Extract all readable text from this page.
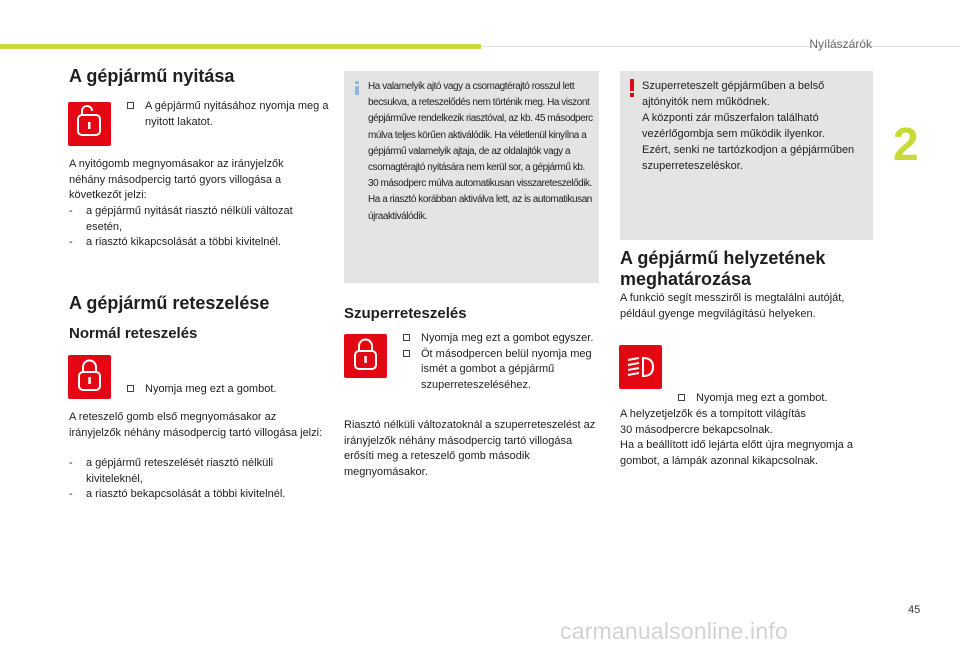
Nyílászárók
2
A gépjármű nyitása
A gépjármű nyitásához nyomja meg a nyitott lakatot.

A nyitógomb megnyomásakor az irányjelzők néhány másodpercig tartó gyors villogása a következőt jelzi:

- a gépjármű nyitását riasztó nélküli változat esetén,
- a riasztó kikapcsolását a többi kivitelnél.
A gépjármű reteszelése
Normál reteszelés
Nyomja meg ezt a gombot.

A reteszelő gomb első megnyomásakor az irányjelzők néhány másodpercig tartó villogása jelzi:

- a gépjármű reteszelését riasztó nélküli kiviteleknél,
- a riasztó bekapcsolását a többi kivitelnél.
Ha valamelyik ajtó vagy a csomagtérajtó rosszul lett becsukva, a reteszelődés nem történik meg. Ha viszont gépjárműve rendelkezik riasztóval, az kb. 45 másodperc múlva teljes körűen aktiválódik. Ha véletlenül kinyílna a gépjármű valamelyik ajtaja, de az oldalajtók vagy a csomagtérajtó nyitására nem kerül sor, a gépjármű kb. 30 másodperc múlva automatikusan visszareteszelődik. Ha a riasztó korábban aktiválva lett, az is automatikusan újraaktiválódik.
Szuperreteszelés
Nyomja meg ezt a gombot egyszer.
Öt másodpercen belül nyomja meg ismét a gombot a gépjármű szuperreteszeléséhez.

Riasztó nélküli változatoknál a szuperreteszelést az irányjelzők néhány másodpercig tartó villogása erősíti meg a reteszelő gomb második megnyomásakor.

Szuperreteszelt gépjárműben a belső ajtónyitók nem működnek.
A központi zár műszerfalon található vezérlőgombja sem működik ilyenkor.
Ezért, senki ne tartózkodjon a gépjárműben szuperreteszeléskor.
A gépjármű helyzetének meghatározása

A funkció segít messziről is megtalálni autóját, például gyenge megvilágítású helyeken.

Nyomja meg ezt a gombot.
A helyzetjelzők és a tompított világítás
30 másodpercre bekapcsolnak.
Ha a beállított idő lejárta előtt újra megnyomja a gombot, a lámpák azonnal kikapcsolnak.
45
carmanualsonline.info
